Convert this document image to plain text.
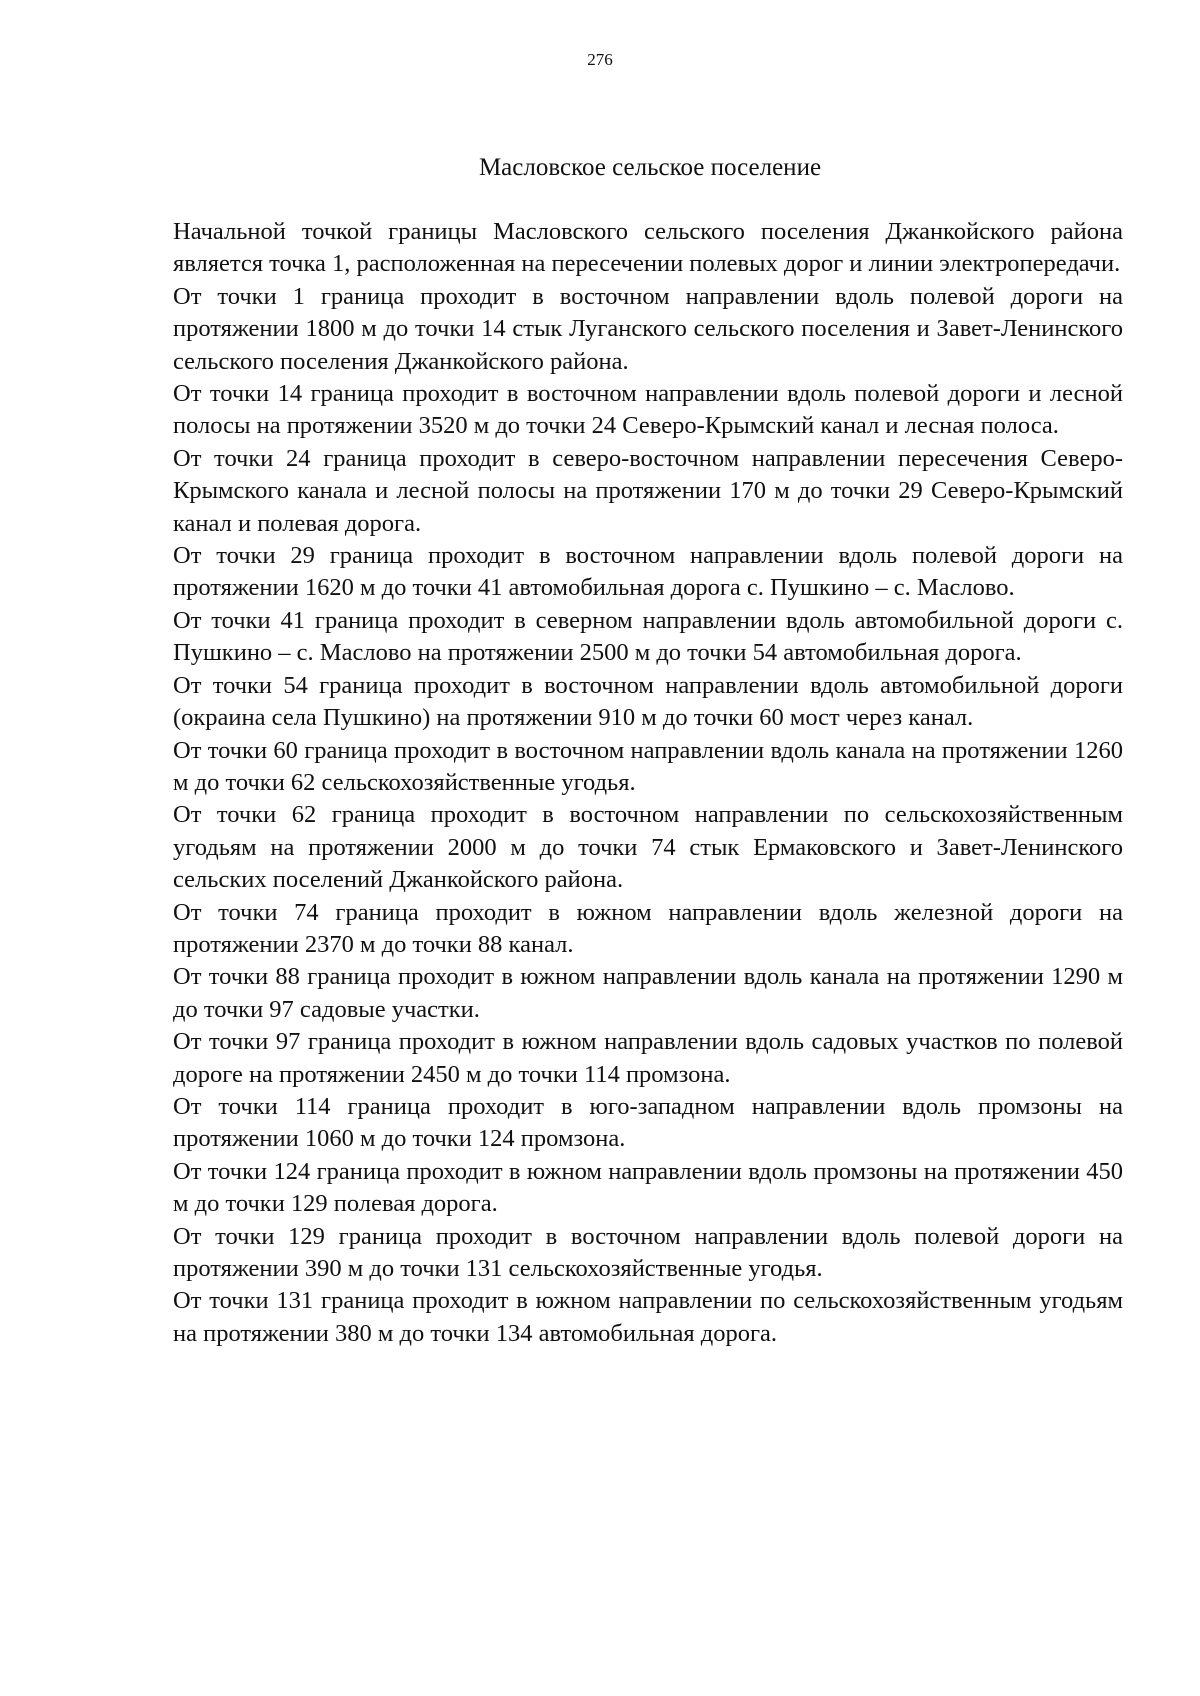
276
Масловское сельское поселение

Начальной точкой границы Масловского сельского поселения Джанкойского района является точка 1, расположенная на пересечении полевых дорог и линии электропередачи.

От точки 1 граница проходит в восточном направлении вдоль полевой дороги на протяжении 1800 м до точки 14 стык Луганского сельского поселения и Завет-Ленинского сельского поселения Джанкойского района.

От точки 14 граница проходит в восточном направлении вдоль полевой дороги и лесной полосы на протяжении 3520 м до точки 24 Северо-Крымский канал и лесная полоса.

От точки 24 граница проходит в северо-восточном направлении пересечения Северо-Крымского канала и лесной полосы на протяжении 170 м до точки 29 Северо-Крымский канал и полевая дорога.

От точки 29 граница проходит в восточном направлении вдоль полевой дороги на протяжении 1620 м до точки 41 автомобильная дорога с. Пушкино – с. Маслово.

От точки 41 граница проходит в северном направлении вдоль автомобильной дороги с. Пушкино – с. Маслово на протяжении 2500 м до точки 54 автомобильная дорога.

От точки 54 граница проходит в восточном направлении вдоль автомобильной дороги (окраина села Пушкино) на протяжении 910 м до точки 60 мост через канал.

От точки 60 граница проходит в восточном направлении вдоль канала на протяжении 1260 м до точки 62 сельскохозяйственные угодья.

От точки 62 граница проходит в восточном направлении по сельскохозяйственным угодьям на протяжении 2000 м до точки 74 стык Ермаковского и Завет-Ленинского сельских поселений Джанкойского района.

От точки 74 граница проходит в южном направлении вдоль железной дороги на протяжении 2370 м до точки 88 канал.

От точки 88 граница проходит в южном направлении вдоль канала на протяжении 1290 м до точки 97 садовые участки.

От точки 97 граница проходит в южном направлении вдоль садовых участков по полевой дороге на протяжении 2450 м до точки 114 промзона.

От точки 114 граница проходит в юго-западном направлении вдоль промзоны на протяжении 1060 м до точки 124 промзона.

От точки 124 граница проходит в южном направлении вдоль промзоны на протяжении 450 м до точки 129 полевая дорога.

От точки 129 граница проходит в восточном направлении вдоль полевой дороги на протяжении 390 м до точки 131 сельскохозяйственные угодья.

От точки 131 граница проходит в южном направлении по сельскохозяйственным угодьям на протяжении 380 м до точки 134 автомобильная дорога.
